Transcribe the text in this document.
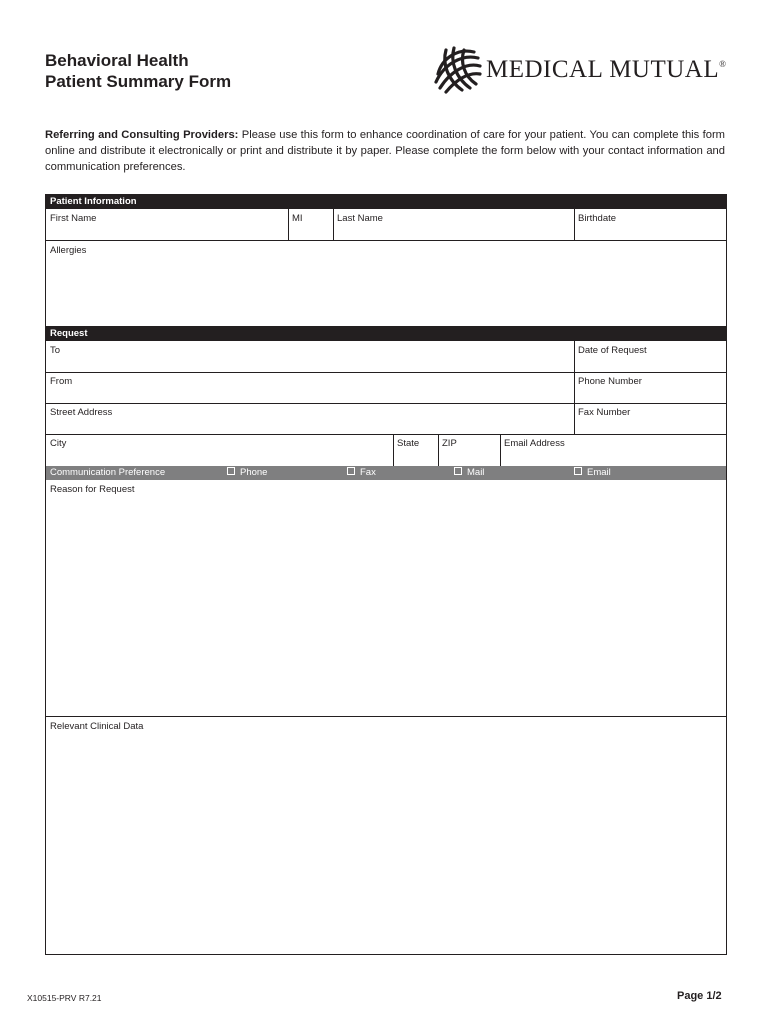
Behavioral Health
Patient Summary Form	MEDICAL MUTUAL®
Referring and Consulting Providers: Please use this form to enhance coordination of care for your patient. You can complete this form online and distribute it electronically or print and distribute it by paper. Please complete the form below with your contact information and communication preferences.
Patient Information
First Name	MI	Last Name	Birthdate
Allergies
Request
To	Date of Request
From	Phone Number
Street Address	Fax Number
City	State	ZIP	Email Address
Communication Preference	Phone	Fax	Mail	Email
Reason for Request
Relevant Clinical Data
X10515-PRV R7.21	Page 1/2
